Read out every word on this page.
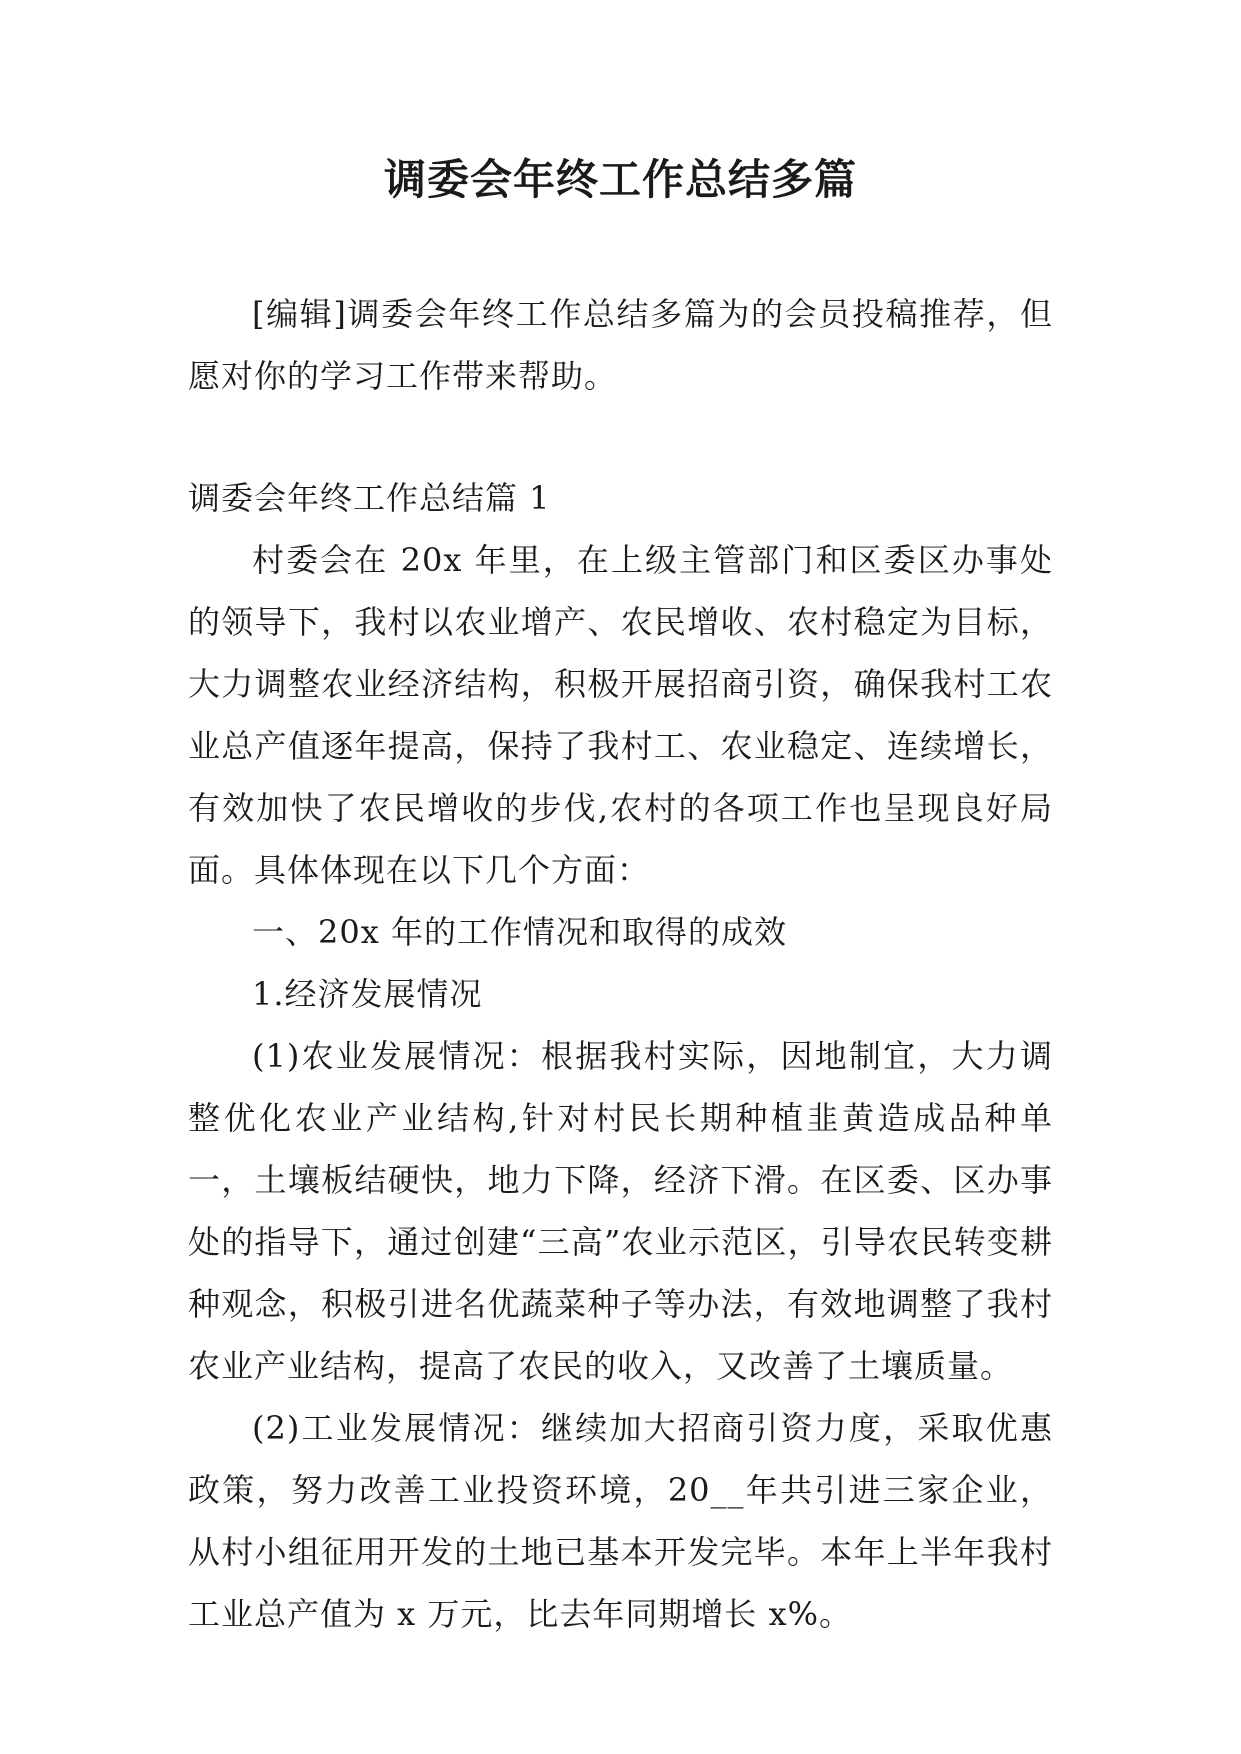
调委会年终工作总结多篇

[编辑]调委会年终工作总结多篇为的会员投稿推荐，但愿对你的学习工作带来帮助。

调委会年终工作总结篇 1

村委会在 20x 年里，在上级主管部门和区委区办事处的领导下，我村以农业增产、农民增收、农村稳定为目标，大力调整农业经济结构，积极开展招商引资，确保我村工农业总产值逐年提高，保持了我村工、农业稳定、连续增长，有效加快了农民增收的步伐,农村的各项工作也呈现良好局面。具体体现在以下几个方面：

一、20x 年的工作情况和取得的成效

1.经济发展情况

(1)农业发展情况：根据我村实际，因地制宜，大力调整优化农业产业结构,针对村民长期种植韭黄造成品种单一，土壤板结硬快，地力下降，经济下滑。在区委、区办事处的指导下，通过创建“三高”农业示范区，引导农民转变耕种观念，积极引进名优蔬菜种子等办法，有效地调整了我村农业产业结构，提高了农民的收入，又改善了土壤质量。

(2)工业发展情况：继续加大招商引资力度，采取优惠政策，努力改善工业投资环境，20__年共引进三家企业，从村小组征用开发的土地已基本开发完毕。本年上半年我村工业总产值为 x 万元，比去年同期增长 x%。
